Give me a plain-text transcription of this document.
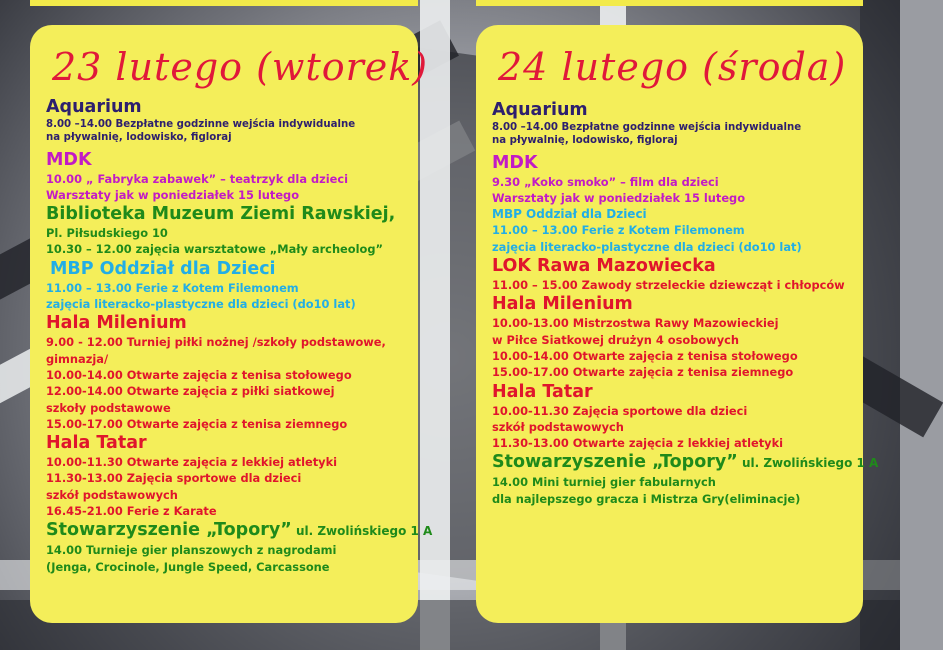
23 lutego (wtorek)
Aquarium
8.00 –14.00 Bezpłatne godzinne wejścia indywidualne
na pływalnię, lodowisko, figloraj
MDK
10.00 „ Fabryka zabawek” – teatrzyk dla dzieci
Warsztaty jak w poniedziałek 15 lutego
Biblioteka Muzeum Ziemi Rawskiej,
Pl. Piłsudskiego 10
10.30 – 12.00 zajęcia warsztatowe „Mały archeolog”
MBP Oddział dla Dzieci
11.00 – 13.00 Ferie z Kotem Filemonem
zajęcia literacko-plastyczne dla dzieci (do10 lat)
Hala Milenium
9.00 - 12.00 Turniej piłki nożnej /szkoły podstawowe,
gimnazja/
10.00-14.00 Otwarte zajęcia z tenisa stołowego
12.00-14.00 Otwarte zajęcia z piłki siatkowej
szkoły podstawowe
15.00-17.00 Otwarte zajęcia z tenisa ziemnego
Hala Tatar
10.00-11.30 Otwarte zajęcia z lekkiej atletyki
11.30-13.00 Zajęcia sportowe dla dzieci
szkół podstawowych
16.45-21.00 Ferie z Karate
Stowarzyszenie „Topory” ul. Zwolińskiego 1 A
14.00 Turnieje gier planszowych z nagrodami
(Jenga, Crocinole, Jungle Speed, Carcassone
24 lutego (środa)
Aquarium
8.00 –14.00 Bezpłatne godzinne wejścia indywidualne
na pływalnię, lodowisko, figloraj
MDK
9.30 „Koko smoko” – film dla dzieci
Warsztaty jak w poniedziałek 15 lutego
MBP Oddział dla Dzieci
11.00 – 13.00 Ferie z Kotem Filemonem
zajęcia literacko-plastyczne dla dzieci (do10 lat)
LOK Rawa Mazowiecka
11.00 – 15.00 Zawody strzeleckie dziewcząt i chłopców
Hala Milenium
10.00-13.00 Mistrzostwa Rawy Mazowieckiej
w Piłce Siatkowej drużyn 4 osobowych
10.00-14.00 Otwarte zajęcia z tenisa stołowego
15.00-17.00 Otwarte zajęcia z tenisa ziemnego
Hala Tatar
10.00-11.30 Zajęcia sportowe dla dzieci
szkół podstawowych
11.30-13.00 Otwarte zajęcia z lekkiej atletyki
Stowarzyszenie „Topory” ul. Zwolińskiego 1 A
14.00 Mini turniej gier fabularnych
dla najlepszego gracza i Mistrza Gry(eliminacje)
